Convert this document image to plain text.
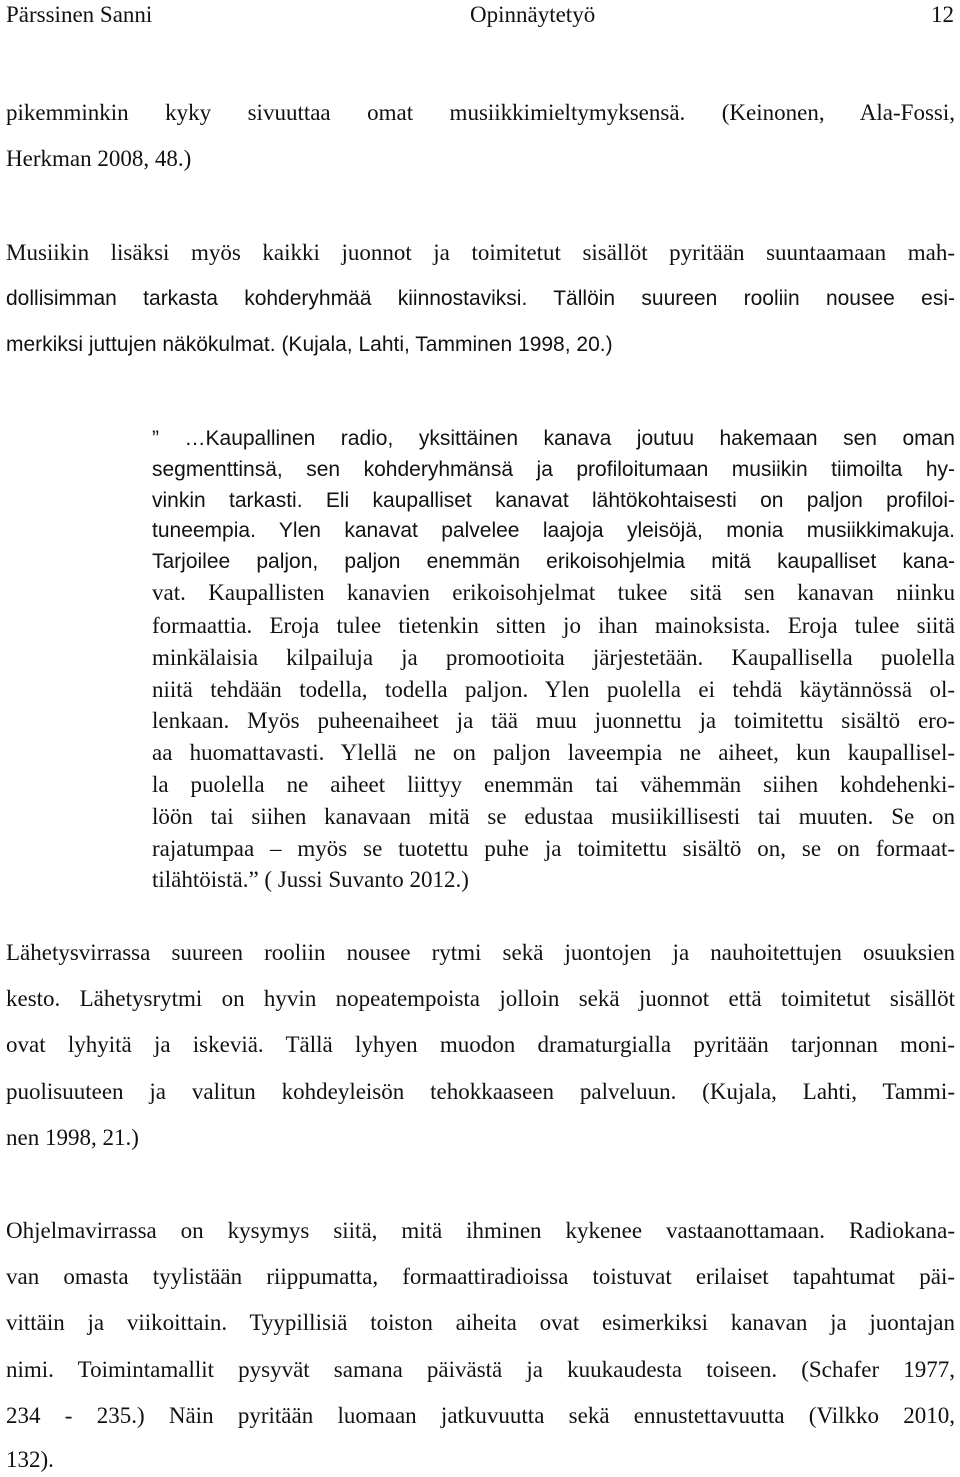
Pärssinen Sanni	Opinnäytetyö	12
pikemminkin kyky sivuuttaa omat musiikkimieltymyksensä. (Keinonen, Ala-Fossi,
Herkman 2008, 48.)
Musiikin lisäksi myös kaikki juonnot ja toimitetut sisällöt pyritään suuntaamaan mah-
dollisimman tarkasta kohderyhmää kiinnostaviksi. Tällöin suureen rooliin nousee esi-
merkiksi juttujen näkökulmat. (Kujala, Lahti, Tamminen 1998, 20.)
” …Kaupallinen radio, yksittäinen kanava joutuu hakemaan sen oman
segmenttinsä, sen kohderyhmänsä ja profiloitumaan musiikin tiimoilta hy-
vinkin tarkasti. Eli kaupalliset kanavat lähtökohtaisesti on paljon profiloi-
tuneempia. Ylen kanavat palvelee laajoja yleisöjä, monia musiikkimakuja.
Tarjoilee paljon, paljon enemmän erikoisohjelmia mitä kaupalliset kana-
vat. Kaupallisten kanavien erikoisohjelmat tukee sitä sen kanavan niinku
formaattia. Eroja tulee tietenkin sitten jo ihan mainoksista. Eroja tulee siitä
minkälaisia kilpailuja ja promootioita järjestetään. Kaupallisella puolella
niitä tehdään todella, todella paljon. Ylen puolella ei tehdä käytännössä ol-
lenkaan. Myös puheenaiheet ja tää muu juonnettu ja toimitettu sisältö ero-
aa huomattavasti. Ylellä ne on paljon laveempia ne aiheet, kun kaupallisel-
la puolella ne aiheet liittyy enemmän tai vähemmän siihen kohdehenki-
löön tai siihen kanavaan mitä se edustaa musiikillisesti tai muuten. Se on
rajatumpaa – myös se tuotettu puhe ja toimitettu sisältö on, se on formaat-
tilähtöistä.” ( Jussi Suvanto 2012.)
Lähetysvirrassa suureen rooliin nousee rytmi sekä juontojen ja nauhoitettujen osuuksien
kesto. Lähetysrytmi on hyvin nopeatempoista jolloin sekä juonnot että toimitetut sisällöt
ovat lyhyitä ja iskeviä. Tällä lyhyen muodon dramaturgialla pyritään tarjonnan moni-
puolisuuteen ja valitun kohdeyleisön tehokkaaseen palveluun. (Kujala, Lahti, Tammi-
nen 1998, 21.)
Ohjelmavirrassa on kysymys siitä, mitä ihminen kykenee vastaanottamaan. Radiokana-
van omasta tyylistään riippumatta, formaattiradioissa toistuvat erilaiset tapahtumat päi-
vittäin ja viikoittain. Tyypillisiä toiston aiheita ovat esimerkiksi kanavan ja juontajan
nimi. Toimintamallit pysyvät samana päivästä ja kuukaudesta toiseen. (Schafer 1977,
234 - 235.) Näin pyritään luomaan jatkuvuutta sekä ennustettavuutta (Vilkko 2010,
132).
